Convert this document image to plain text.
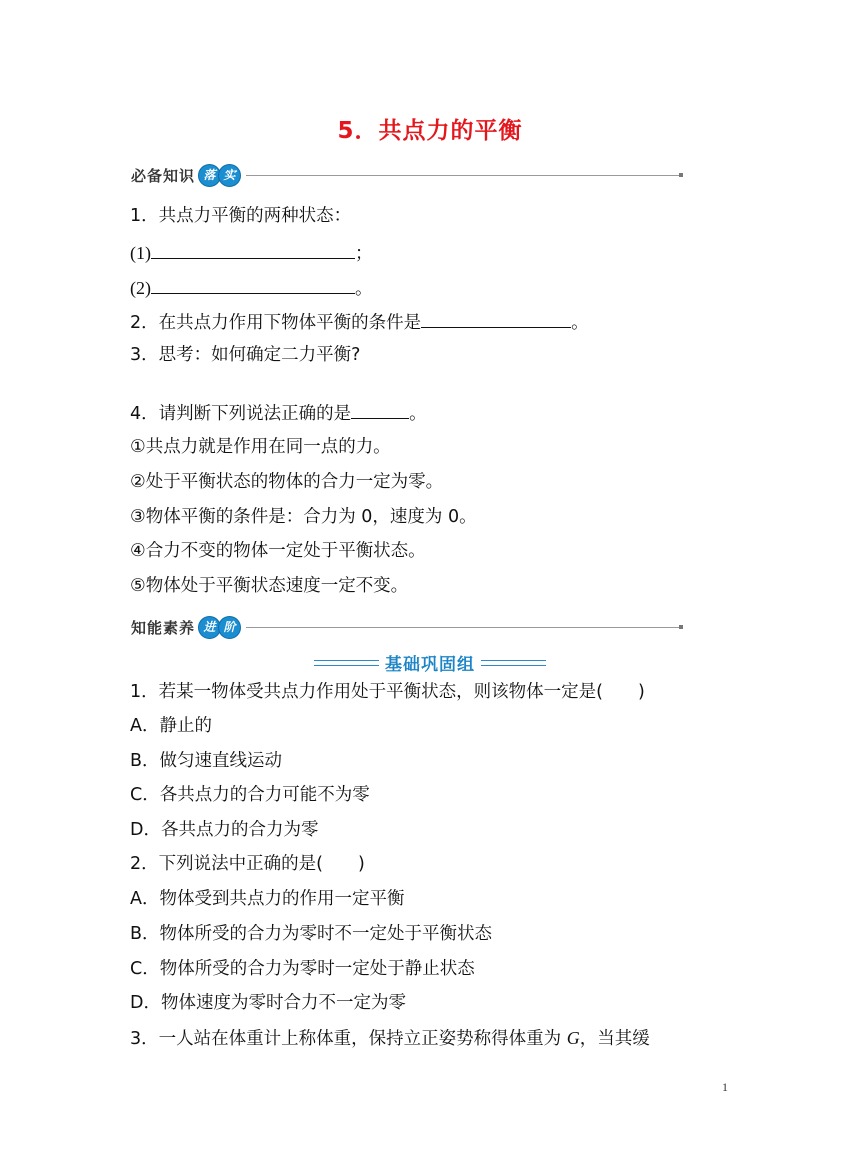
5．共点力的平衡
必备知识 落 实
1．共点力平衡的两种状态：
(1)	；
(2)	。
2．在共点力作用下物体平衡的条件是	。
3．思考：如何确定二力平衡?
4．请判断下列说法正确的是	。
①共点力就是作用在同一点的力。
②处于平衡状态的物体的合力一定为零。
③物体平衡的条件是：合力为 0，速度为 0。
④合力不变的物体一定处于平衡状态。
⑤物体处于平衡状态速度一定不变。
知能素养 进 阶
基础巩固组
1．若某一物体受共点力作用处于平衡状态，则该物体一定是(　　)
A．静止的
B．做匀速直线运动
C．各共点力的合力可能不为零
D．各共点力的合力为零
2．下列说法中正确的是(　　)
A．物体受到共点力的作用一定平衡
B．物体所受的合力为零时不一定处于平衡状态
C．物体所受的合力为零时一定处于静止状态
D．物体速度为零时合力不一定为零
3．一人站在体重计上称体重，保持立正姿势称得体重为 G，当其缓
1
